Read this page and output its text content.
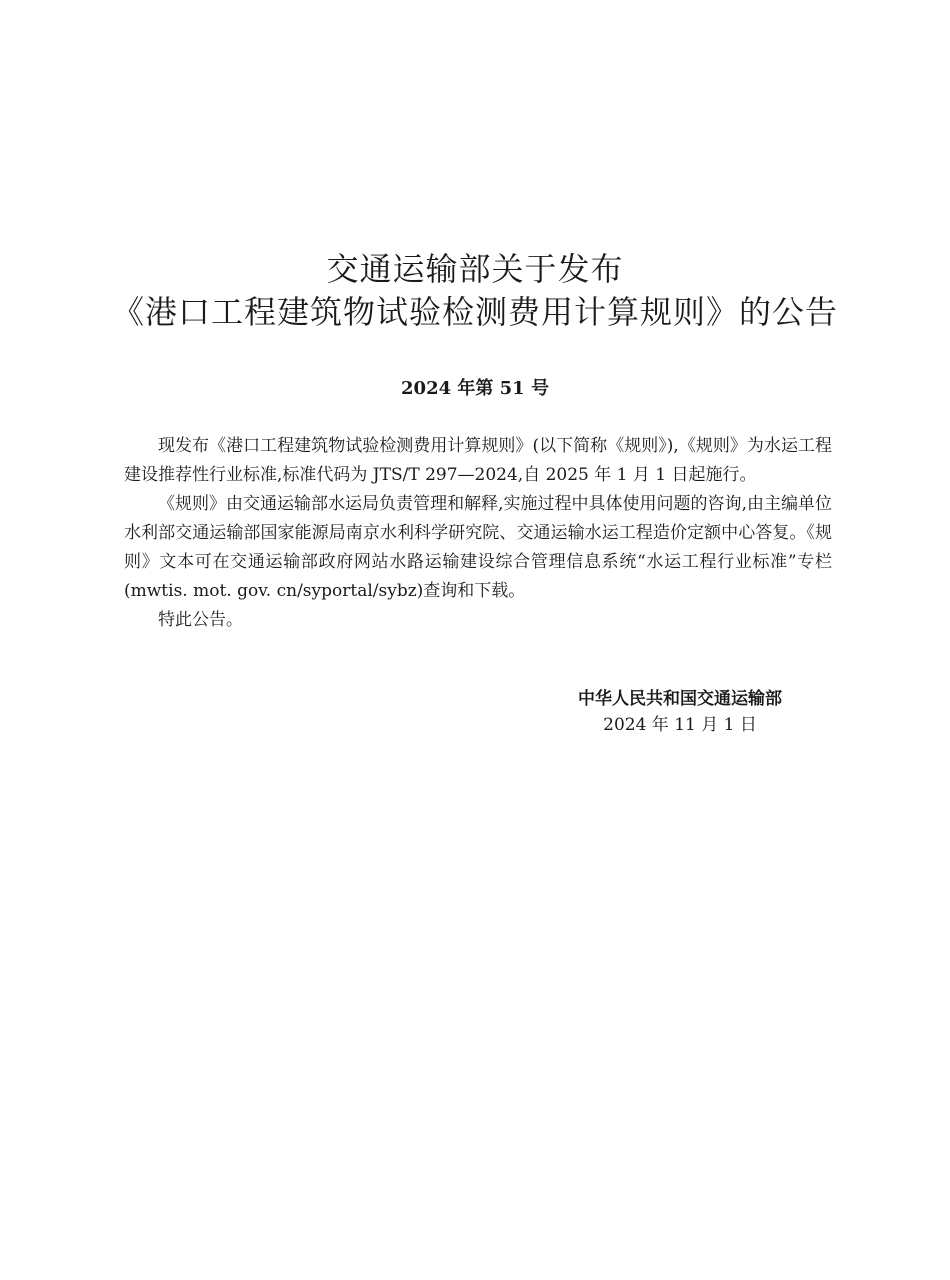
交通运输部关于发布
《港口工程建筑物试验检测费用计算规则》的公告
2024 年第 51 号

现发布《港口工程建筑物试验检测费用计算规则》(以下简称《规则》),《规则》为水运工程建设推荐性行业标准,标准代码为 JTS/T 297—2024,自 2025 年 1 月 1 日起施行。

《规则》由交通运输部水运局负责管理和解释,实施过程中具体使用问题的咨询,由主编单位水利部交通运输部国家能源局南京水利科学研究院、交通运输水运工程造价定额中心答复。《规则》文本可在交通运输部政府网站水路运输建设综合管理信息系统“水运工程行业标准”专栏(mwtis. mot. gov. cn/syportal/sybz)查询和下载。

特此公告。

中华人民共和国交通运输部
2024 年 11 月 1 日
